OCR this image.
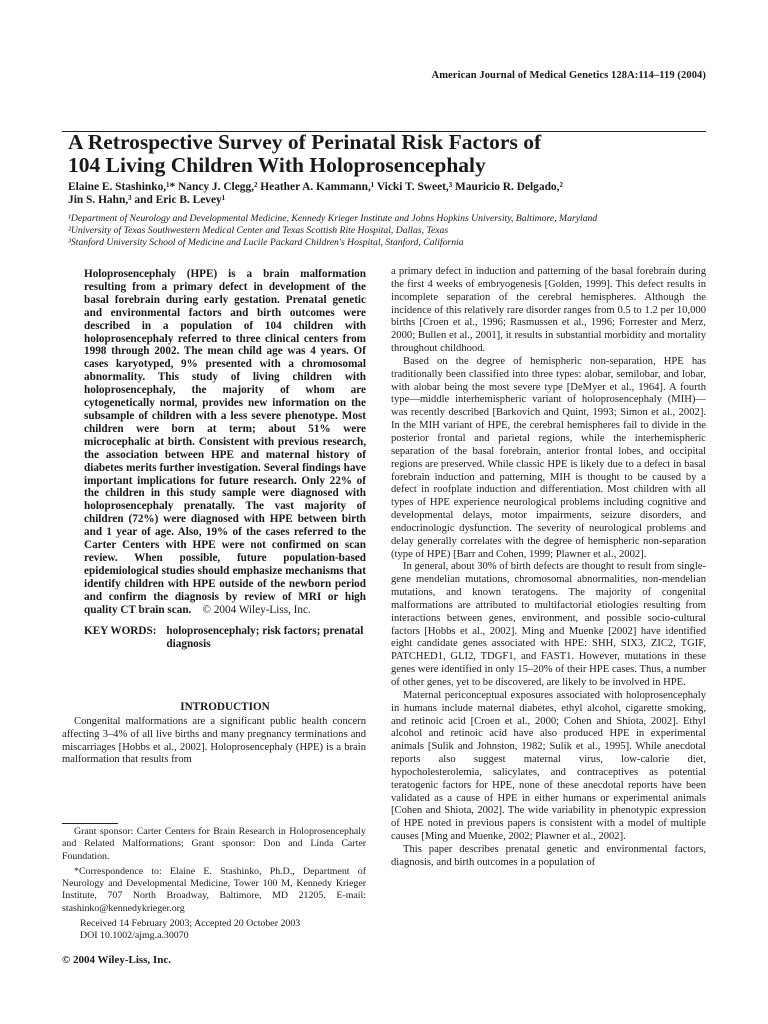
American Journal of Medical Genetics 128A:114–119 (2004)
A Retrospective Survey of Perinatal Risk Factors of
104 Living Children With Holoprosencephaly
Elaine E. Stashinko,¹* Nancy J. Clegg,² Heather A. Kammann,¹ Vicki T. Sweet,³ Mauricio R. Delgado,²
Jin S. Hahn,³ and Eric B. Levey¹
¹Department of Neurology and Developmental Medicine, Kennedy Krieger Institute and Johns Hopkins University, Baltimore, Maryland
²University of Texas Southwestern Medical Center and Texas Scottish Rite Hospital, Dallas, Texas
³Stanford University School of Medicine and Lucile Packard Children's Hospital, Stanford, California

Holoprosencephaly (HPE) is a brain malformation resulting from a primary defect in development of the basal forebrain during early gestation. Prenatal genetic and environmental factors and birth outcomes were described in a population of 104 children with holoprosencephaly referred to three clinical centers from 1998 through 2002. The mean child age was 4 years. Of cases karyotyped, 9% presented with a chromosomal abnormality. This study of living children with holoprosencephaly, the majority of whom are cytogenetically normal, provides new information on the subsample of children with a less severe phenotype. Most children were born at term; about 51% were microcephalic at birth. Consistent with previous research, the association between HPE and maternal history of diabetes merits further investigation. Several findings have important implications for future research. Only 22% of the children in this study sample were diagnosed with holoprosencephaly prenatally. The vast majority of children (72%) were diagnosed with HPE between birth and 1 year of age. Also, 19% of the cases referred to the Carter Centers with HPE were not confirmed on scan review. When possible, future population-based epidemiological studies should emphasize mechanisms that identify children with HPE outside of the newborn period and confirm the diagnosis by review of MRI or high quality CT brain scan. © 2004 Wiley-Liss, Inc.

KEY WORDS: holoprosencephaly; risk factors; prenatal diagnosis
INTRODUCTION

Congenital malformations are a significant public health concern affecting 3–4% of all live births and many pregnancy terminations and miscarriages [Hobbs et al., 2002]. Holoprosencephaly (HPE) is a brain malformation that results from

Grant sponsor: Carter Centers for Brain Research in Holoprosencephaly and Related Malformations; Grant sponsor: Don and Linda Carter Foundation.

*Correspondence to: Elaine E. Stashinko, Ph.D., Department of Neurology and Developmental Medicine, Tower 100 M, Kennedy Krieger Institute, 707 North Broadway, Baltimore, MD 21205. E-mail: stashinko@kennedykrieger.org

Received 14 February 2003; Accepted 20 October 2003

DOI 10.1002/ajmg.a.30070

© 2004 Wiley-Liss, Inc.

a primary defect in induction and patterning of the basal forebrain during the first 4 weeks of embryogenesis [Golden, 1999]. This defect results in incomplete separation of the cerebral hemispheres. Although the incidence of this relatively rare disorder ranges from 0.5 to 1.2 per 10,000 births [Croen et al., 1996; Rasmussen et al., 1996; Forrester and Merz, 2000; Bullen et al., 2001], it results in substantial morbidity and mortality throughout childhood.

Based on the degree of hemispheric non-separation, HPE has traditionally been classified into three types: alobar, semilobar, and lobar, with alobar being the most severe type [DeMyer et al., 1964]. A fourth type—middle interhemispheric variant of holoprosencephaly (MIH)—was recently described [Barkovich and Quint, 1993; Simon et al., 2002]. In the MIH variant of HPE, the cerebral hemispheres fail to divide in the posterior frontal and parietal regions, while the interhemispheric separation of the basal forebrain, anterior frontal lobes, and occipital regions are preserved. While classic HPE is likely due to a defect in basal forebrain induction and patterning, MIH is thought to be caused by a defect in roofplate induction and differentiation. Most children with all types of HPE experience neurological problems including cognitive and developmental delays, motor impairments, seizure disorders, and endocrinologic dysfunction. The severity of neurological problems and delay generally correlates with the degree of hemispheric non-separation (type of HPE) [Barr and Cohen, 1999; Plawner et al., 2002].

In general, about 30% of birth defects are thought to result from single-gene mendelian mutations, chromosomal abnormalities, non-mendelian mutations, and known teratogens. The majority of congenital malformations are attributed to multifactorial etiologies resulting from interactions between genes, environment, and possible socio-cultural factors [Hobbs et al., 2002]. Ming and Muenke [2002] have identified eight candidate genes associated with HPE: SHH, SIX3, ZIC2, TGIF, PATCHED1, GLI2, TDGF1, and FAST1. However, mutations in these genes were identified in only 15–20% of their HPE cases. Thus, a number of other genes, yet to be discovered, are likely to be involved in HPE.

Maternal periconceptual exposures associated with holoprosencephaly in humans include maternal diabetes, ethyl alcohol, cigarette smoking, and retinoic acid [Croen et al., 2000; Cohen and Shiota, 2002]. Ethyl alcohol and retinoic acid have also produced HPE in experimental animals [Sulik and Johnston, 1982; Sulik et al., 1995]. While anecdotal reports also suggest maternal virus, low-calorie diet, hypocholesterolemia, salicylates, and contraceptives as potential teratogenic factors for HPE, none of these anecdotal reports have been validated as a cause of HPE in either humans or experimental animals [Cohen and Shiota, 2002]. The wide variability in phenotypic expression of HPE noted in previous papers is consistent with a model of multiple causes [Ming and Muenke, 2002; Plawner et al., 2002].

This paper describes prenatal genetic and environmental factors, diagnosis, and birth outcomes in a population of
